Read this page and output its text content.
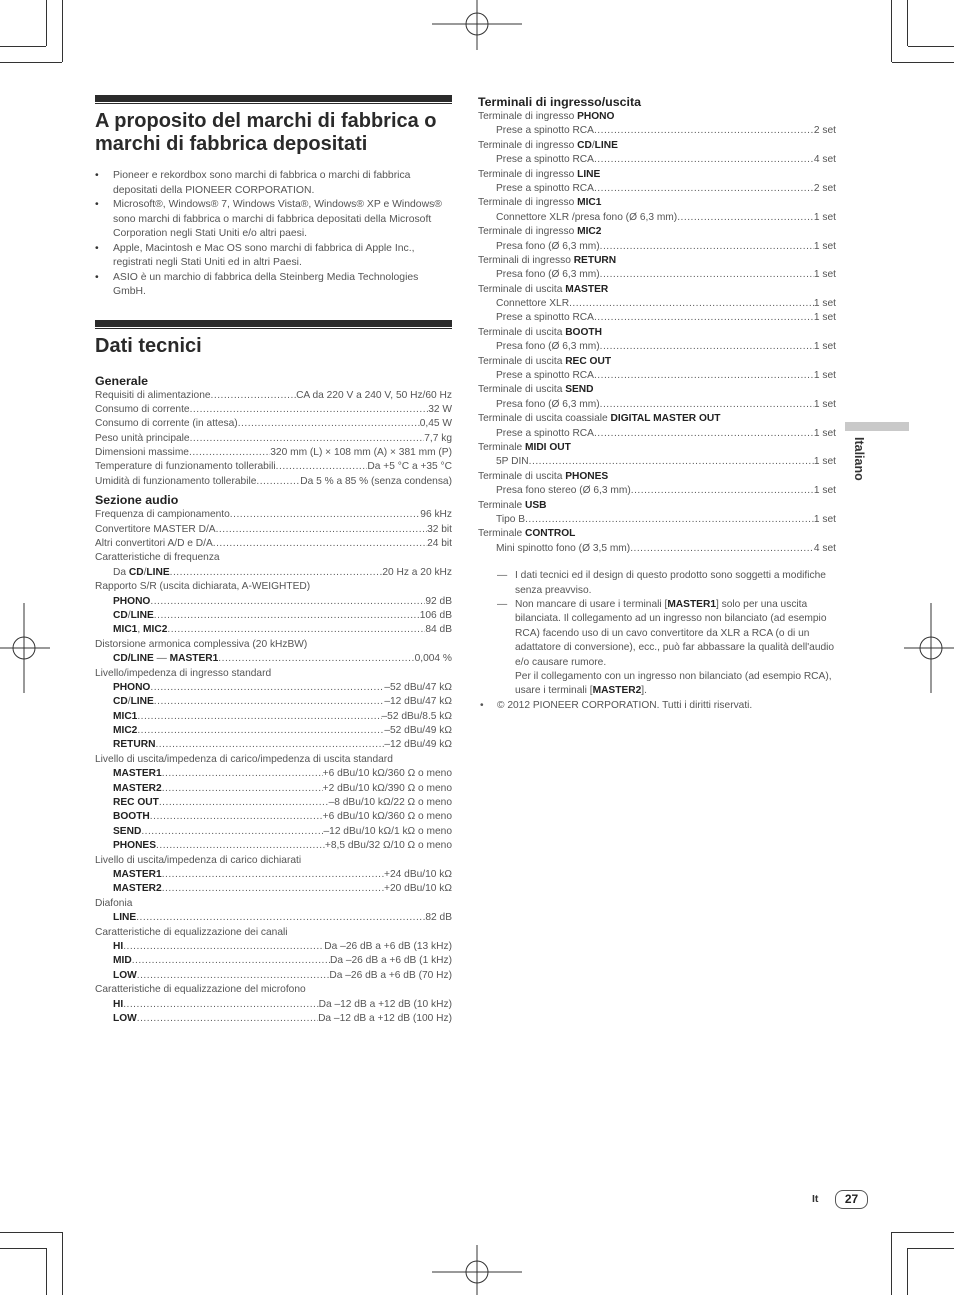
A proposito del marchi di fabbrica o marchi di fabbrica depositati
• Pioneer e rekordbox sono marchi di fabbrica o marchi di fabbrica depositati della PIONEER CORPORATION.
• Microsoft®, Windows® 7, Windows Vista®, Windows® XP e Windows® sono marchi di fabbrica o marchi di fabbrica depositati della Microsoft Corporation negli Stati Uniti e/o altri paesi.
• Apple, Macintosh e Mac OS sono marchi di fabbrica di Apple Inc., registrati negli Stati Uniti ed in altri Paesi.
• ASIO è un marchio di fabbrica della Steinberg Media Technologies GmbH.
Dati tecnici
Generale
Requisiti di alimentazione .....	CA da 220 V a 240 V, 50 Hz/60 Hz
Consumo di corrente .....	32 W
Consumo di corrente (in attesa) .....	0,45 W
Peso unità principale .....	7,7 kg
Dimensioni massime .....	320 mm (L) × 108 mm (A) × 381 mm (P)
Temperature di funzionamento tollerabili .....	Da +5 °C a +35 °C
Umidità di funzionamento tollerabile .....	Da 5 % a 85 % (senza condensa)
Sezione audio
Frequenza di campionamento .....	96 kHz
Convertitore MASTER D/A .....	32 bit
Altri convertitori A/D e D/A .....	24 bit
Caratteristiche di frequenza
Da CD/LINE .....	20 Hz a 20 kHz
Rapporto S/R (uscita dichiarata, A-WEIGHTED)
PHONO .....	92 dB
CD/LINE .....	106 dB
MIC1, MIC2 .....	84 dB
Distorsione armonica complessiva (20 kHzBW)
CD/LINE — MASTER1 .....	0,004 %
Livello/impedenza di ingresso standard
PHONO .....	–52 dBu/47 kΩ
CD/LINE .....	–12 dBu/47 kΩ
MIC1 .....	–52 dBu/8.5 kΩ
MIC2 .....	–52 dBu/49 kΩ
RETURN .....	–12 dBu/49 kΩ
Livello di uscita/impedenza di carico/impedenza di uscita standard
MASTER1 .....	+6 dBu/10 kΩ/360 Ω o meno
MASTER2 .....	+2 dBu/10 kΩ/390 Ω o meno
REC OUT .....	–8 dBu/10 kΩ/22 Ω o meno
BOOTH .....	+6 dBu/10 kΩ/360 Ω o meno
SEND .....	–12 dBu/10 kΩ/1 kΩ o meno
PHONES .....	+8,5 dBu/32 Ω/10 Ω o meno
Livello di uscita/impedenza di carico dichiarati
MASTER1 .....	+24 dBu/10 kΩ
MASTER2 .....	+20 dBu/10 kΩ
Diafonia
LINE .....	82 dB
Caratteristiche di equalizzazione dei canali
HI .....	Da –26 dB a +6 dB (13 kHz)
MID .....	Da –26 dB a +6 dB (1 kHz)
LOW .....	Da –26 dB a +6 dB (70 Hz)
Caratteristiche di equalizzazione del microfono
HI .....	Da –12 dB a +12 dB (10 kHz)
LOW .....	Da –12 dB a +12 dB (100 Hz)
Terminali di ingresso/uscita
Terminale di ingresso PHONO
Prese a spinotto RCA .....	2 set
Terminale di ingresso CD/LINE
Prese a spinotto RCA .....	4 set
Terminale di ingresso LINE
Prese a spinotto RCA .....	2 set
Terminale di ingresso MIC1
Connettore XLR /presa fono (Ø 6,3 mm) .....	1 set
Terminale di ingresso MIC2
Presa fono (Ø 6,3 mm) .....	1 set
Terminali di ingresso RETURN
Presa fono (Ø 6,3 mm) .....	1 set
Terminale di uscita MASTER
Connettore XLR .....	1 set
Prese a spinotto RCA .....	1 set
Terminale di uscita BOOTH
Presa fono (Ø 6,3 mm) .....	1 set
Terminale di uscita REC OUT
Prese a spinotto RCA .....	1 set
Terminale di uscita SEND
Presa fono (Ø 6,3 mm) .....	1 set
Terminale di uscita coassiale DIGITAL MASTER OUT
Prese a spinotto RCA .....	1 set
Terminale MIDI OUT
5P DIN .....	1 set
Terminale di uscita PHONES
Presa fono stereo (Ø 6,3 mm) .....	1 set
Terminale USB
Tipo B .....	1 set
Terminale CONTROL
Mini spinotto fono (Ø 3,5 mm) .....	4 set
— I dati tecnici ed il design di questo prodotto sono soggetti a modifiche senza preavviso.
— Non mancare di usare i terminali [MASTER1] solo per una uscita bilanciata. Il collegamento ad un ingresso non bilanciato (ad esempio RCA) facendo uso di un cavo convertitore da XLR a RCA (o di un adattatore di conversione), ecc., può far abbassare la qualità dell'audio e/o causare rumore.
Per il collegamento con un ingresso non bilanciato (ad esempio RCA), usare i terminali [MASTER2].
• © 2012 PIONEER CORPORATION. Tutti i diritti riservati.
Italiano
It	27
